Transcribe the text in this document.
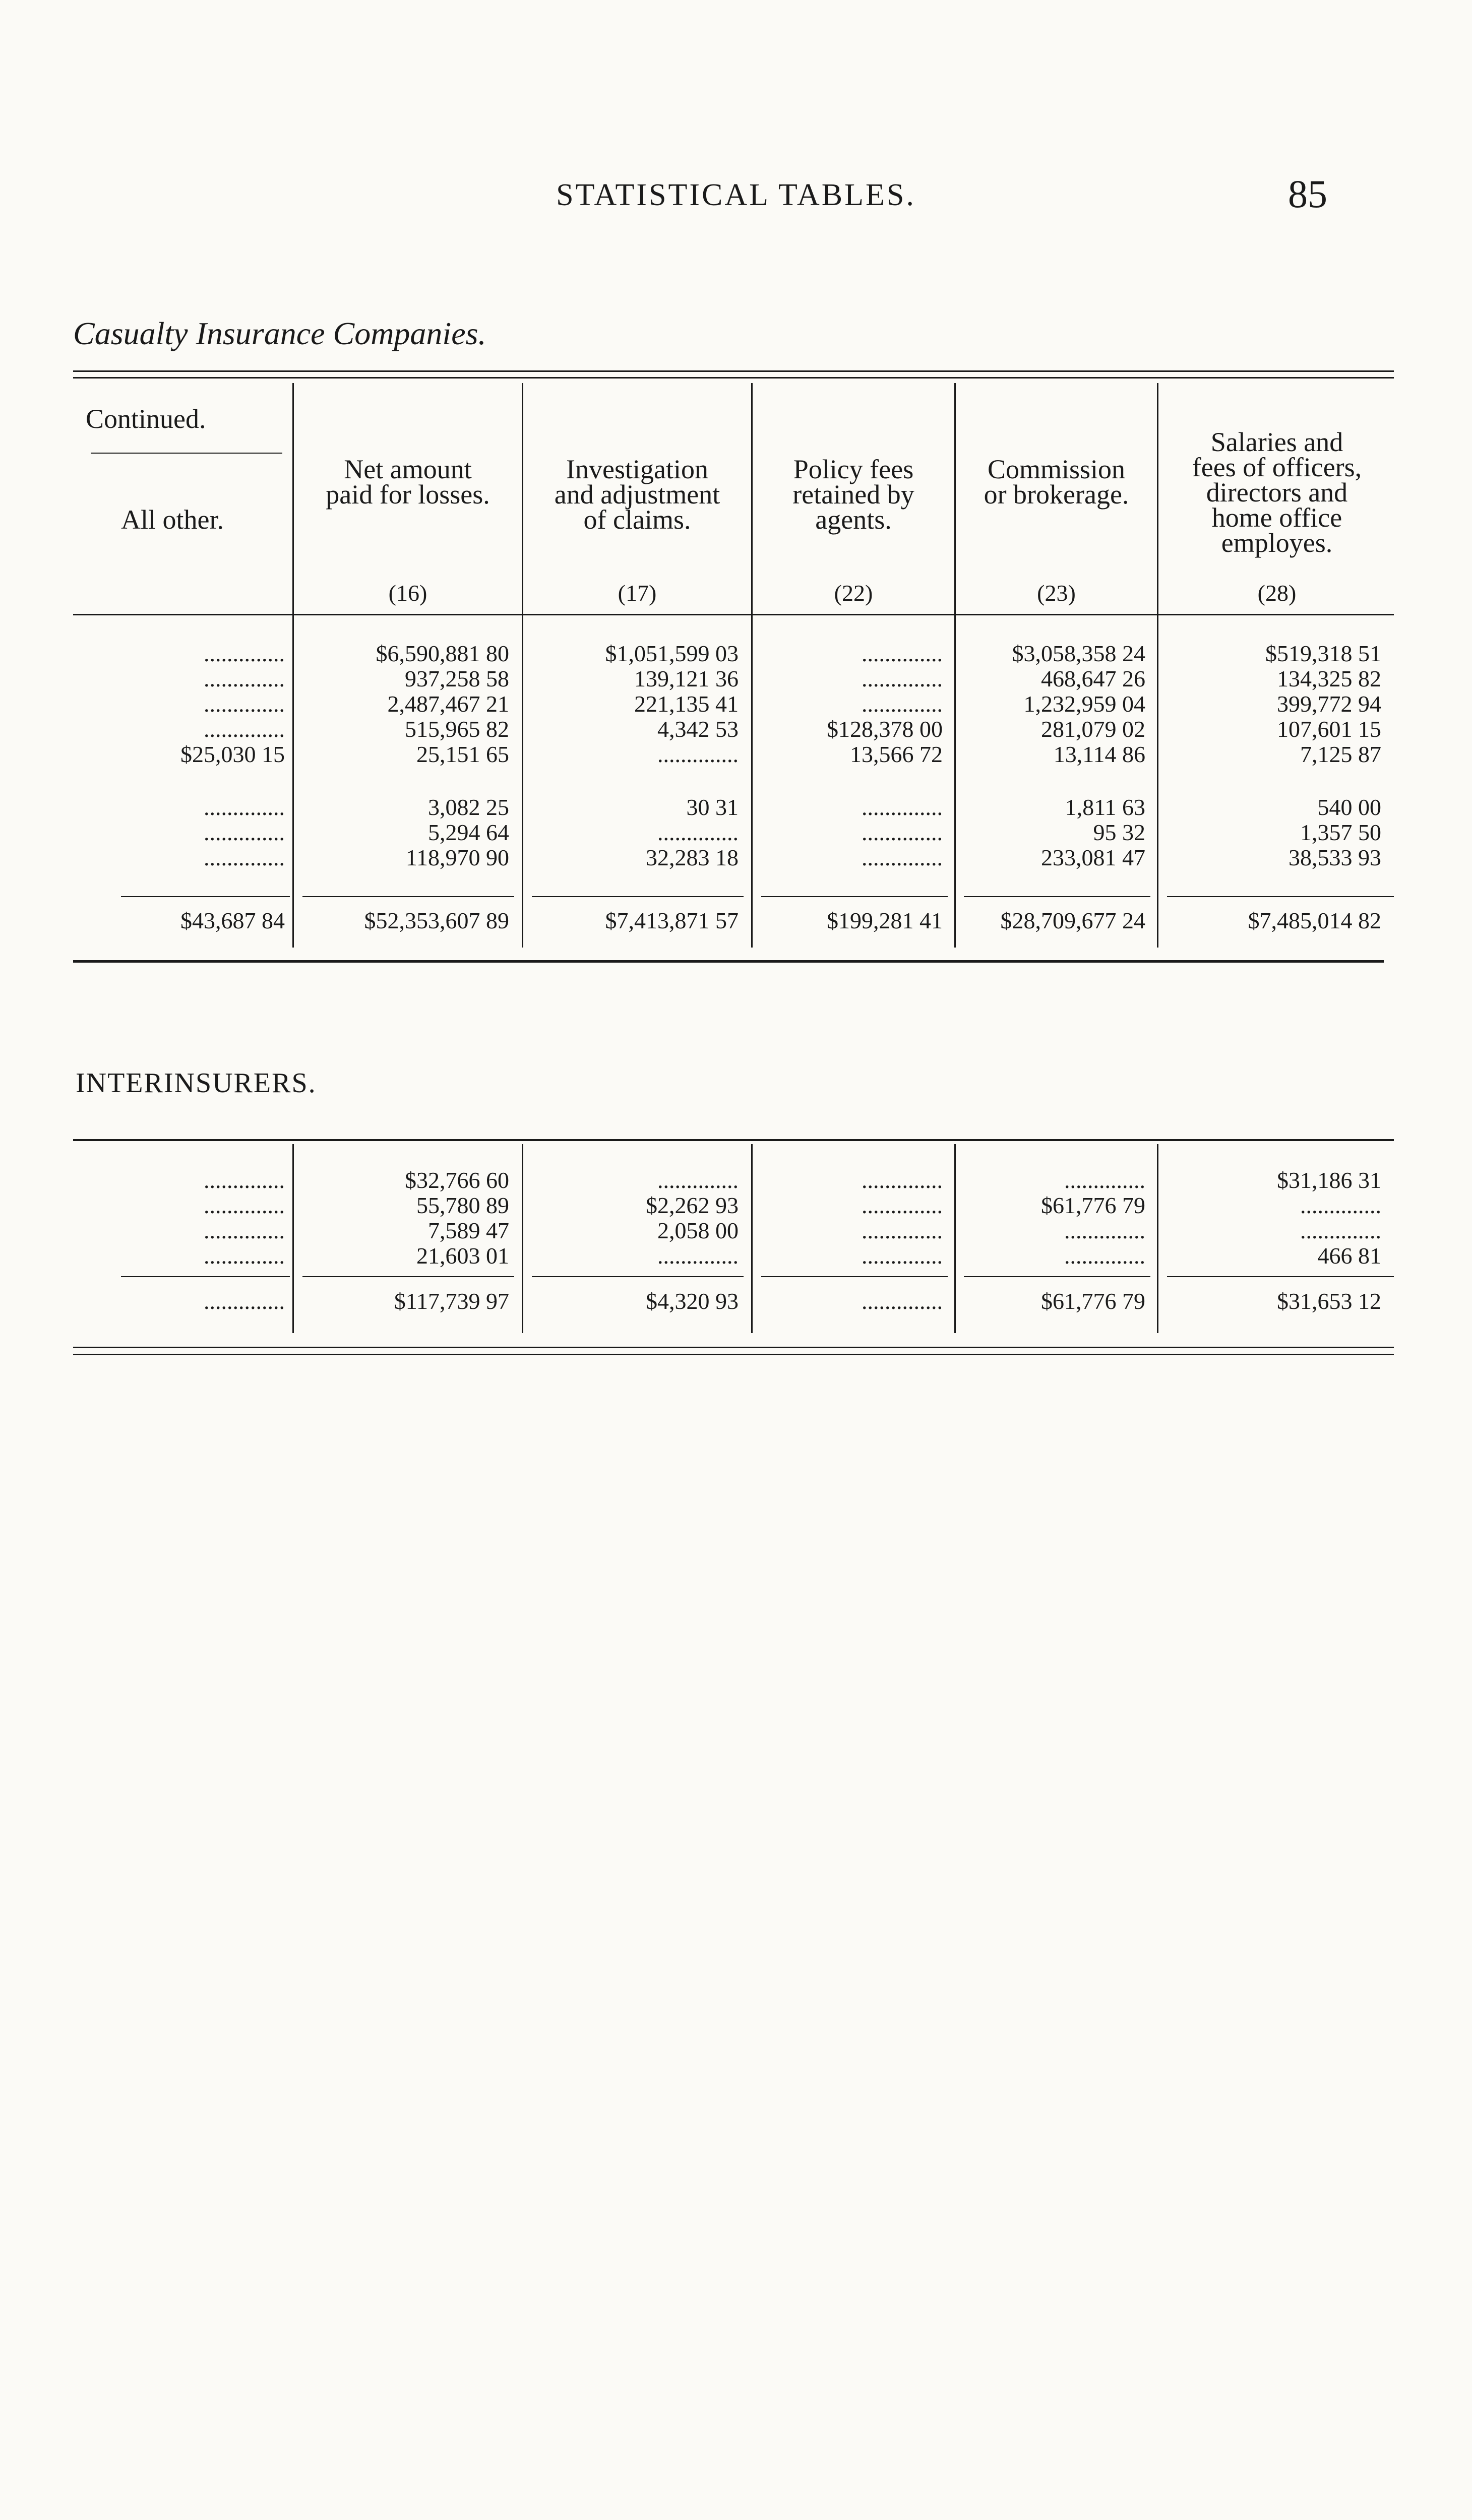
STATISTICAL TABLES.	85
Casualty Insurance Companies.
Continued.
All other.
Net amount
paid for losses.
Investigation
and adjustment
of claims.
Policy fees
retained by
agents.
Commission
or brokerage.
Salaries and
fees of officers,
directors and
home office
employes.
(16)	(17)	(22)	(23)	(28)
..............	$6,590,881 80	$1,051,599 03	..............	$3,058,358 24	$519,318 51
..............	937,258 58	139,121 36	..............	468,647 26	134,325 82
..............	2,487,467 21	221,135 41	..............	1,232,959 04	399,772 94
..............	515,965 82	4,342 53	$128,378 00	281,079 02	107,601 15
$25,030 15	25,151 65	..............	13,566 72	13,114 86	7,125 87
..............	3,082 25	30 31	..............	1,811 63	540 00
..............	5,294 64	..............	..............	95 32	1,357 50
..............	118,970 90	32,283 18	..............	233,081 47	38,533 93
$43,687 84	$52,353,607 89	$7,413,871 57	$199,281 41 $28,709,677 24	$7,485,014 82
INTERINSURERS.
..............	$32,766 60	..............	..............	..............	$31,186 31
..............	55,780 89	$2,262 93	..............	$61,776 79	..............
..............	7,589 47	2,058 00	..............	..............	..............
..............	21,603 01	..............	..............	..............	466 81
..............	$117,739 97	$4,320 93	..............	$61,776 79	$31,653 12
